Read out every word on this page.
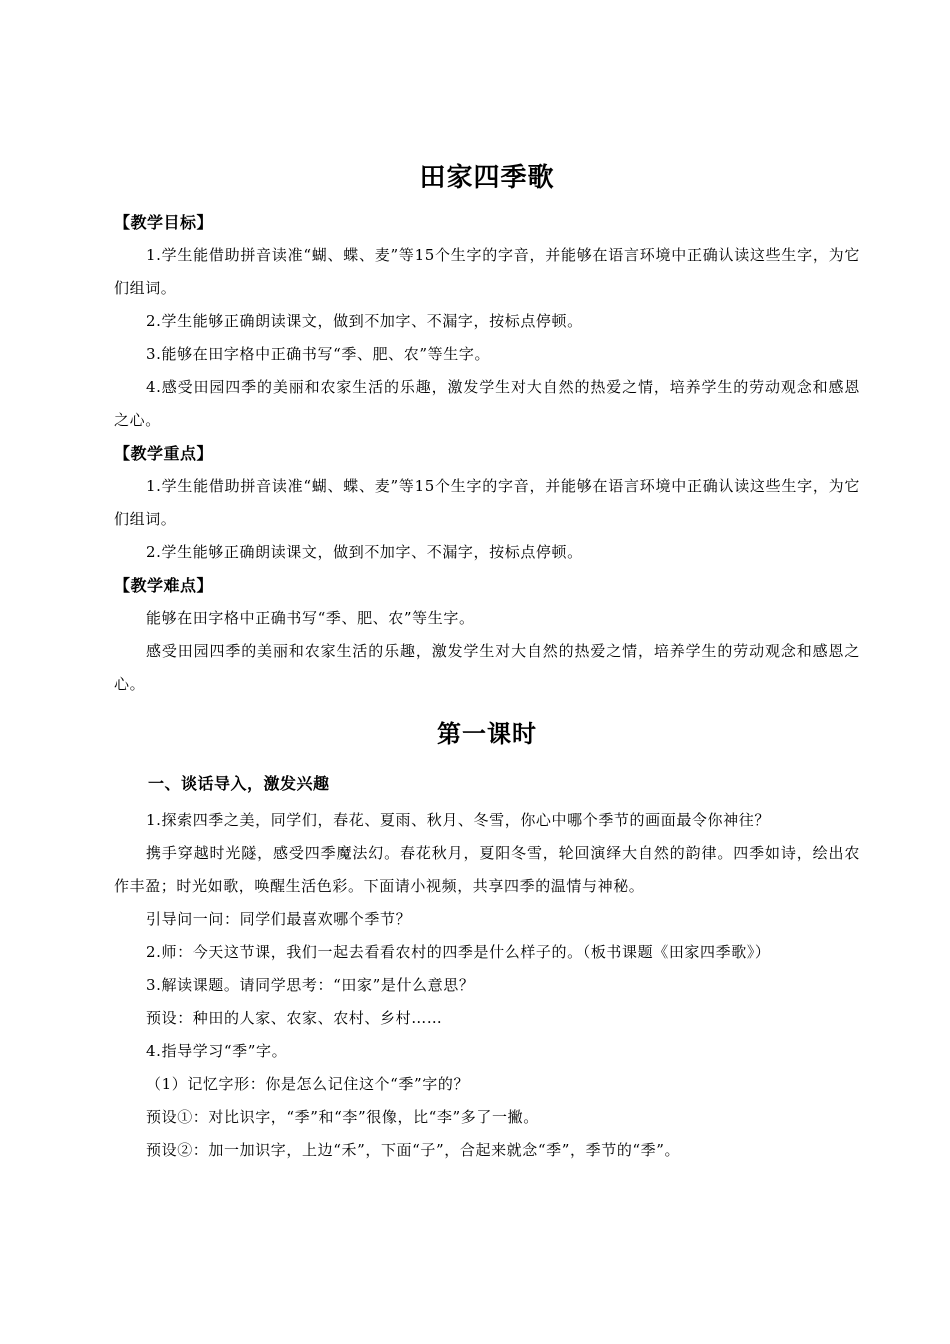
田家四季歌

【教学目标】

1.学生能借助拼音读准“蝴、蝶、麦”等15个生字的字音，并能够在语言环境中正确认读这些生字，为它们组词。

2.学生能够正确朗读课文，做到不加字、不漏字，按标点停顿。

3.能够在田字格中正确书写“季、肥、农”等生字。

4.感受田园四季的美丽和农家生活的乐趣，激发学生对大自然的热爱之情，培养学生的劳动观念和感恩之心。

【教学重点】

1.学生能借助拼音读准“蝴、蝶、麦”等15个生字的字音，并能够在语言环境中正确认读这些生字，为它们组词。

2.学生能够正确朗读课文，做到不加字、不漏字，按标点停顿。

【教学难点】

能够在田字格中正确书写“季、肥、农”等生字。

感受田园四季的美丽和农家生活的乐趣，激发学生对大自然的热爱之情，培养学生的劳动观念和感恩之心。

第一课时

一、谈话导入，激发兴趣

1.探索四季之美，同学们，春花、夏雨、秋月、冬雪，你心中哪个季节的画面最令你神往？

携手穿越时光隧，感受四季魔法幻。春花秋月，夏阳冬雪，轮回演绎大自然的韵律。四季如诗，绘出农作丰盈；时光如歌，唤醒生活色彩。下面请小视频，共享四季的温情与神秘。

引导问一问：同学们最喜欢哪个季节？

2.师：今天这节课，我们一起去看看农村的四季是什么样子的。（板书课题《田家四季歌》）

3.解读课题。请同学思考：“田家”是什么意思？

预设：种田的人家、农家、农村、乡村……

4.指导学习“季”字。

（1）记忆字形：你是怎么记住这个“季”字的？

预设①：对比识字，“季”和“李”很像，比“李”多了一撇。

预设②：加一加识字，上边“禾”，下面“子”，合起来就念“季”，季节的“季”。
